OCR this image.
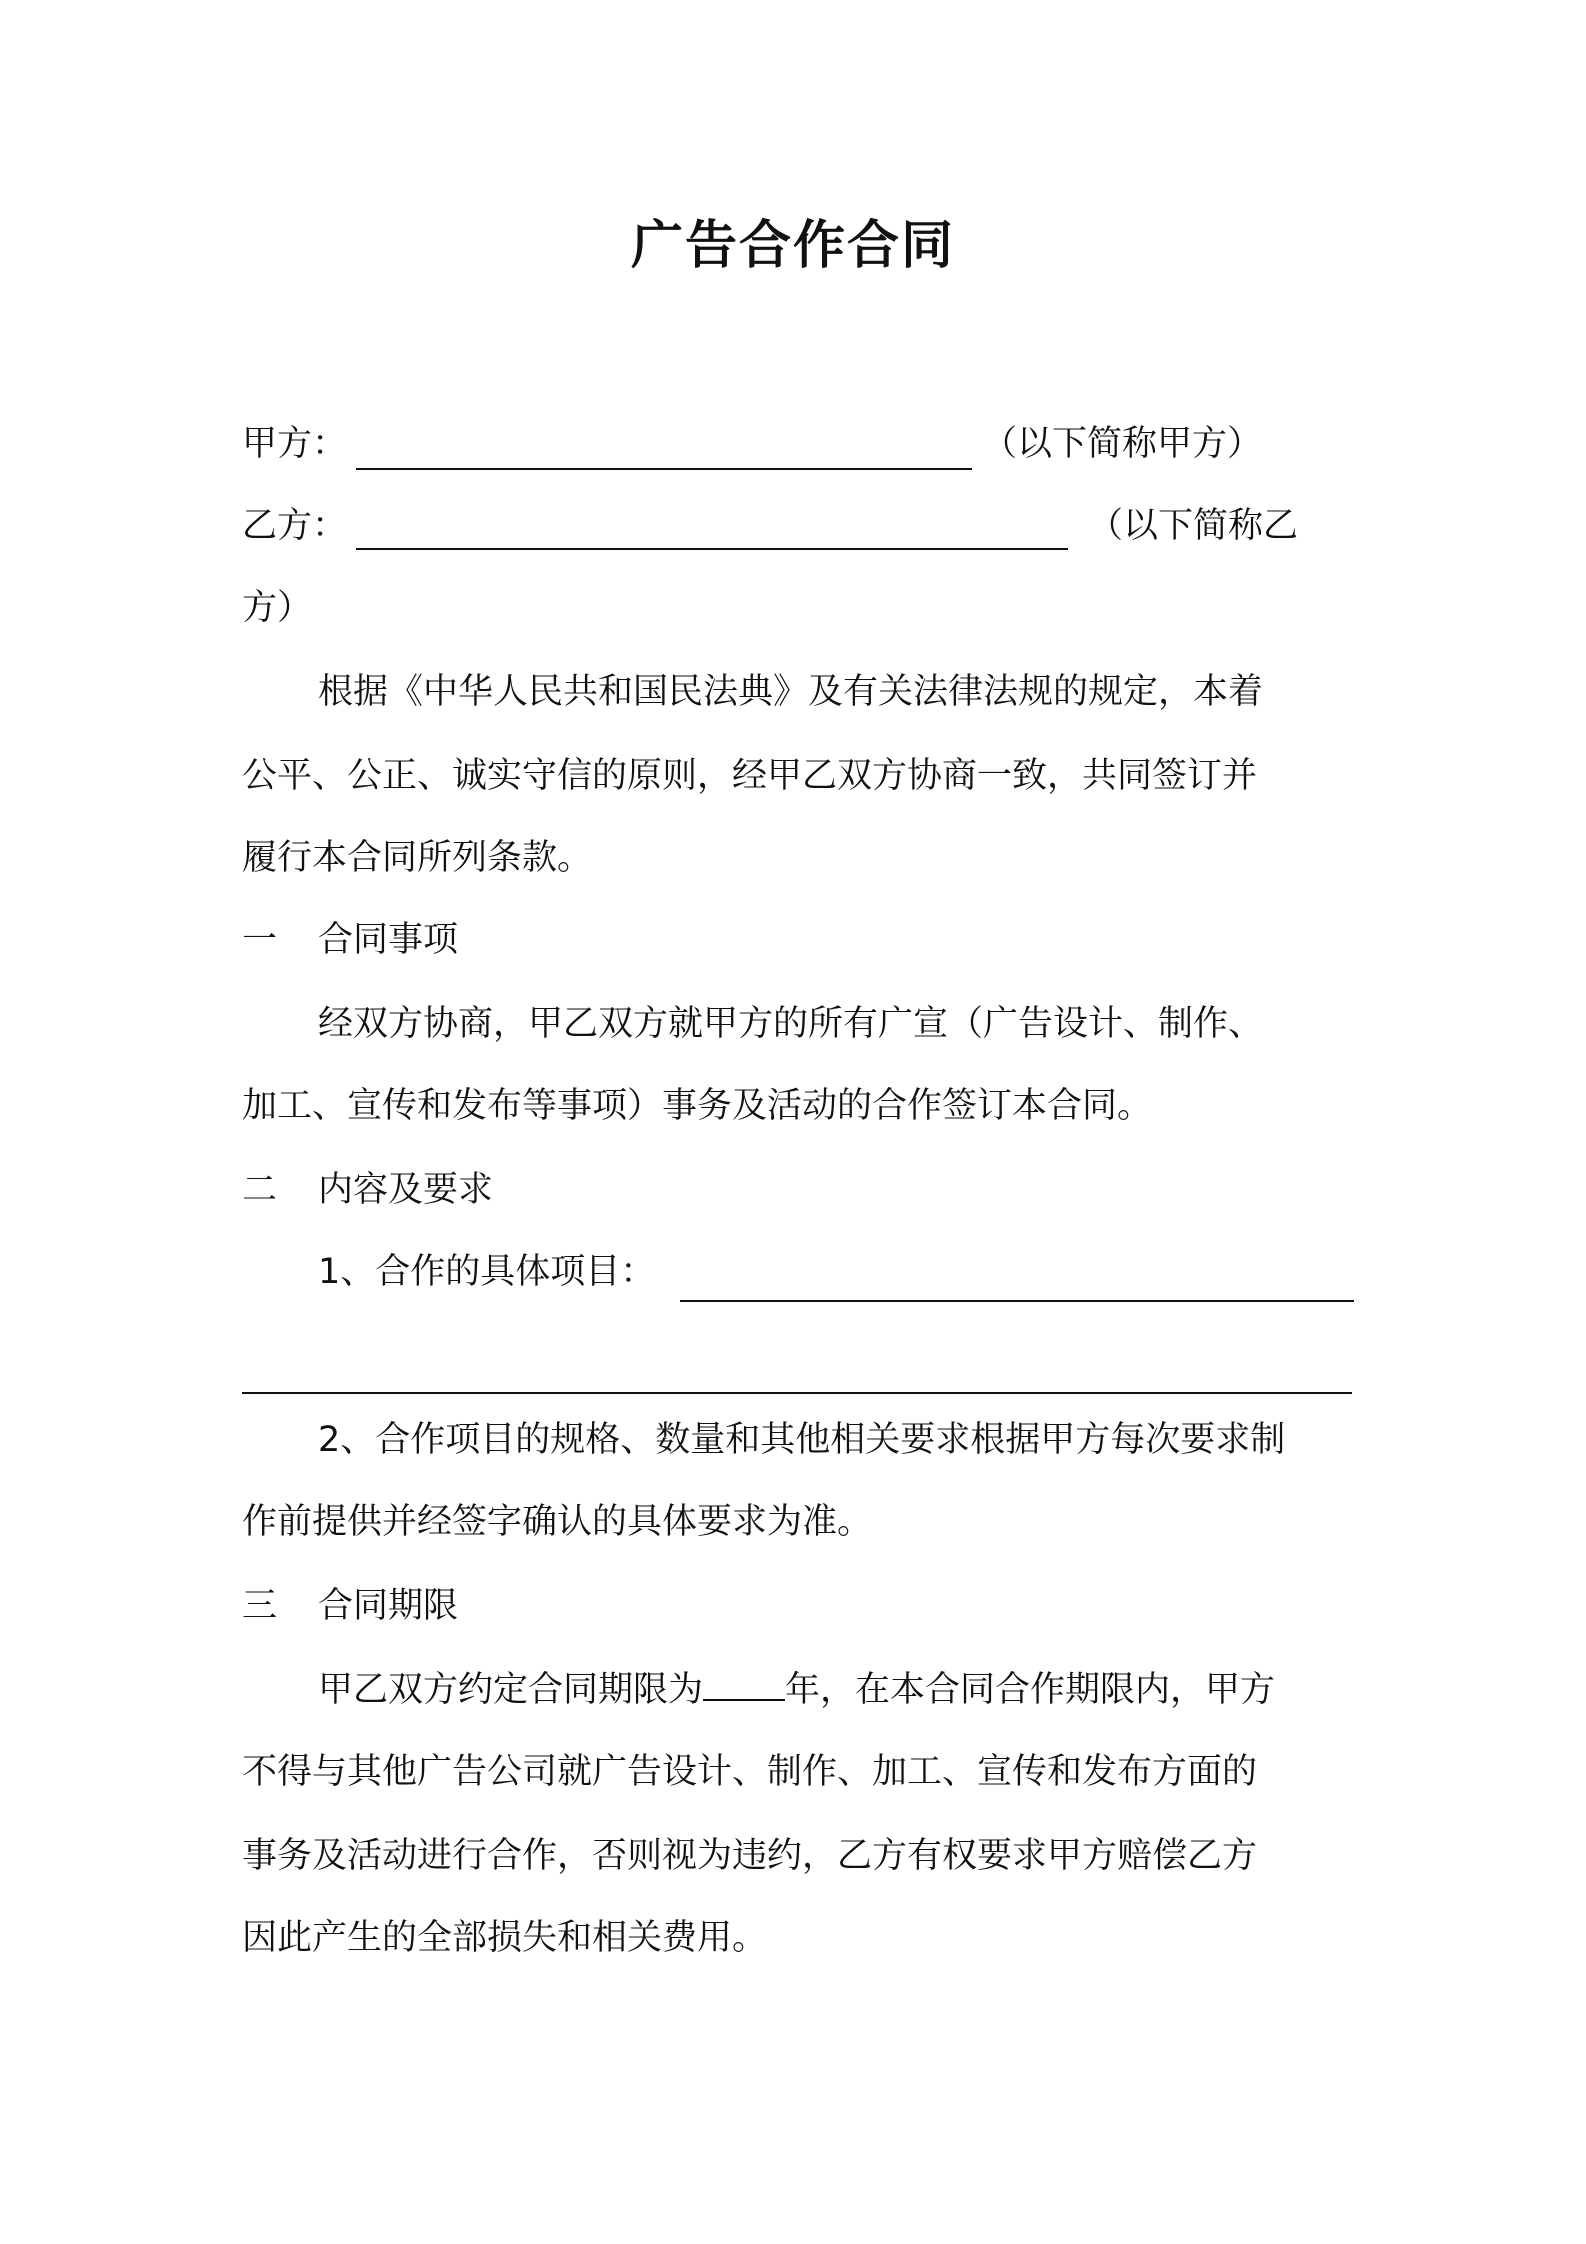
广告合作合同
甲方：	（以下简称甲方）
乙方：	（以下简称乙
方）
根据《中华人民共和国民法典》及有关法律法规的规定，本着
公平、公正、诚实守信的原则，经甲乙双方协商一致，共同签订并
履行本合同所列条款。
一 合同事项
经双方协商，甲乙双方就甲方的所有广宣（广告设计、制作、
加工、宣传和发布等事项）事务及活动的合作签订本合同。
二 内容及要求
1、合作的具体项目：
2、合作项目的规格、数量和其他相关要求根据甲方每次要求制
作前提供并经签字确认的具体要求为准。
三 合同期限
甲乙双方约定合同期限为 年，在本合同合作期限内，甲方
不得与其他广告公司就广告设计、制作、加工、宣传和发布方面的
事务及活动进行合作，否则视为违约，乙方有权要求甲方赔偿乙方
因此产生的全部损失和相关费用。
